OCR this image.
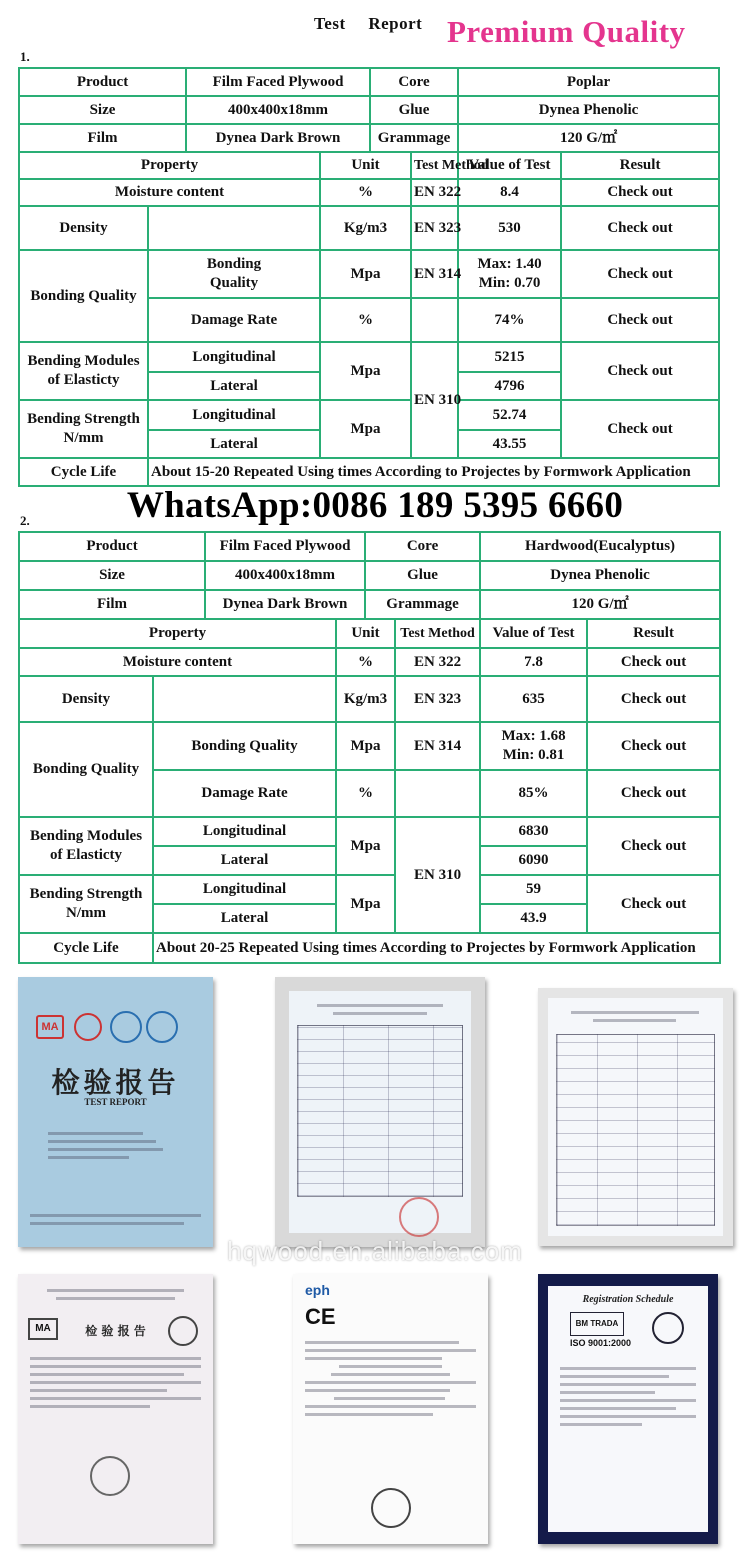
Test Report Premium Quality
1.
Product		Film Faced Plywood		Core		Poplar	
Size		400x400x18mm		Glue		Dynea Phenolic	
Film		Dynea Dark Brown		Grammage		120 G/㎡	
Property			Unit		Test Method	Value of Test	Result
Moisture content			%		EN 322	8.4	Check out
Density			Kg/m3		EN 323	530	Check out
Bonding Quality	Bonding Quality		Mpa		EN 314	Max: 1.40
Min: 0.70	Check out
	Damage Rate		%			74%	Check out

Bending Modules
of Elasticty	Longitudinal		Mpa		EN 310	5215	Check out
	Lateral					4796	

Bending Strength
N/mm	Longitudinal		Mpa			52.74	Check out
	Lateral					43.55	
Cycle Life	About 15-20 Repeated Using times According to Projectes by Formwork Application						
WhatsApp:0086 189 5395 6660
2.
Product		Film Faced Plywood		Core		Hardwood(Eucalyptus)	
Size		400x400x18mm		Glue		Dynea Phenolic	
Film		Dynea Dark Brown		Grammage		120 G/㎡	
Property			Unit		Test Method	Value of Test	Result
Moisture content			%		EN 322	7.8	Check out
Density			Kg/m3		EN 323	635	Check out
Bonding Quality	Bonding Quality		Mpa		EN 314	Max: 1.68
Min: 0.81	Check out
	Damage Rate		%			85%	Check out

Bending Modules
of Elasticty	Longitudinal		Mpa		EN 310	6830	Check out
	Lateral					6090	

Bending Strength
N/mm	Longitudinal		Mpa			59	Check out
	Lateral					43.9	
Cycle Life	About 20-25 Repeated Using times According to Projectes by Formwork Application						
MA
检验报告
TEST REPORT
hqwood.en.alibaba.com
MA	检 验 报 告
eph
CE
Registration Schedule
BM TRADA
ISO 9001:2000
